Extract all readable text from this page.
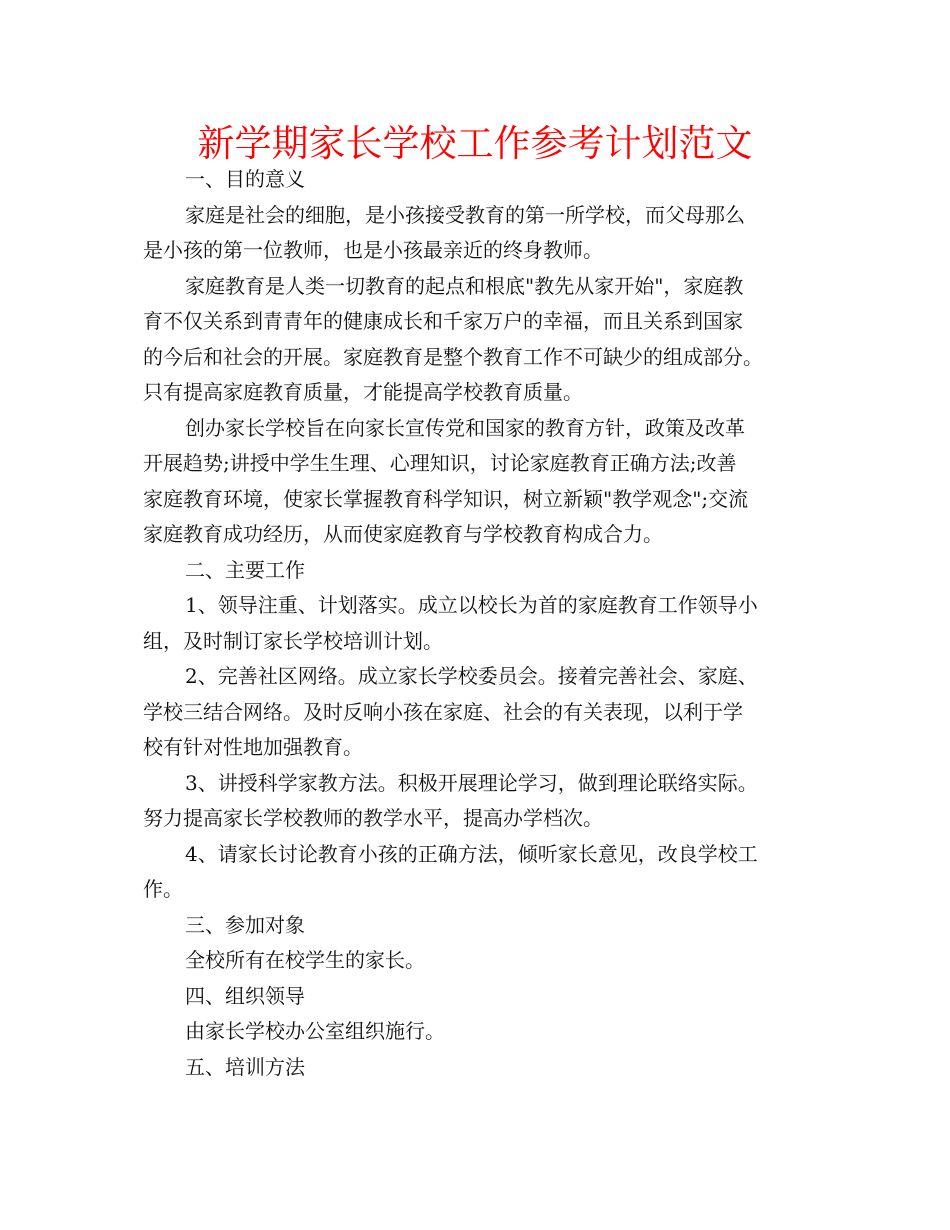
新学期家长学校工作参考计划范文
一、目的意义
家庭是社会的细胞，是小孩接受教育的第一所学校，而父母那么
是小孩的第一位教师，也是小孩最亲近的终身教师。
家庭教育是人类一切教育的起点和根底"教先从家开始"，家庭教
育不仅关系到青青年的健康成长和千家万户的幸福，而且关系到国家
的今后和社会的开展。家庭教育是整个教育工作不可缺少的组成部分。
只有提高家庭教育质量，才能提高学校教育质量。
创办家长学校旨在向家长宣传党和国家的教育方针，政策及改革
开展趋势;讲授中学生生理、心理知识，讨论家庭教育正确方法;改善
家庭教育环境，使家长掌握教育科学知识，树立新颖"教学观念";交流
家庭教育成功经历，从而使家庭教育与学校教育构成合力。
二、主要工作
1、领导注重、计划落实。成立以校长为首的家庭教育工作领导小
组，及时制订家长学校培训计划。
2、完善社区网络。成立家长学校委员会。接着完善社会、家庭、
学校三结合网络。及时反响小孩在家庭、社会的有关表现，以利于学
校有针对性地加强教育。
3、讲授科学家教方法。积极开展理论学习，做到理论联络实际。
努力提高家长学校教师的教学水平，提高办学档次。
4、请家长讨论教育小孩的正确方法，倾听家长意见，改良学校工
作。
三、参加对象
全校所有在校学生的家长。
四、组织领导
由家长学校办公室组织施行。
五、培训方法
